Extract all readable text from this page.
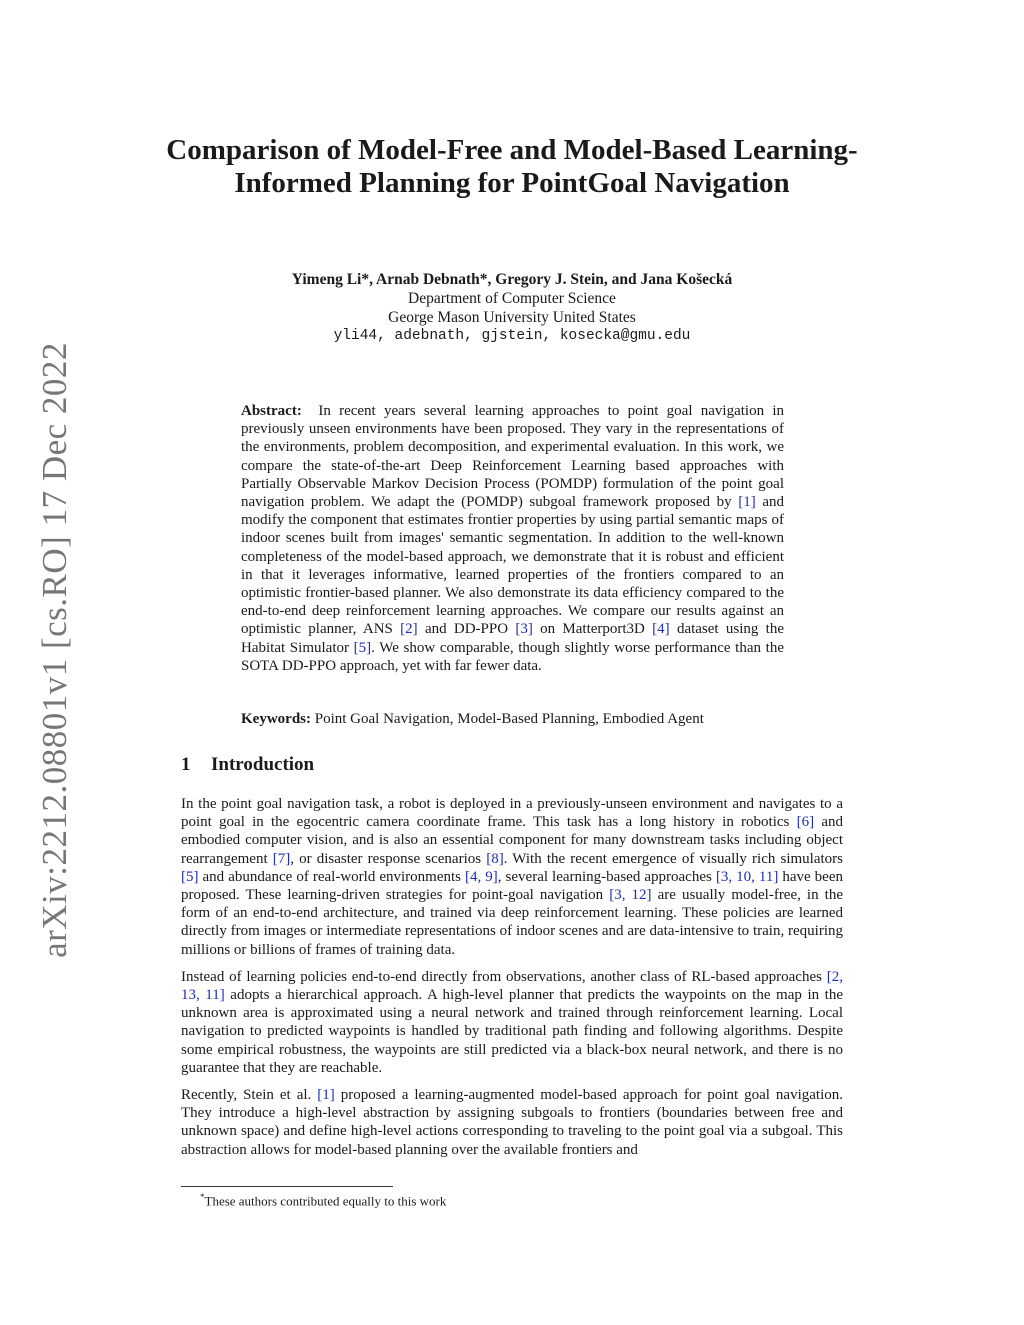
arXiv:2212.08801v1 [cs.RO] 17 Dec 2022
Comparison of Model-Free and Model-Based Learning-Informed Planning for PointGoal Navigation
Yimeng Li*, Arnab Debnath*, Gregory J. Stein, and Jana Košecká
Department of Computer Science
George Mason University United States
yli44, adebnath, gjstein, kosecka@gmu.edu
Abstract: In recent years several learning approaches to point goal navigation in previously unseen environments have been proposed. They vary in the representations of the environments, problem decomposition, and experimental evaluation. In this work, we compare the state-of-the-art Deep Reinforcement Learning based approaches with Partially Observable Markov Decision Process (POMDP) formulation of the point goal navigation problem. We adapt the (POMDP) subgoal framework proposed by [1] and modify the component that estimates frontier properties by using partial semantic maps of indoor scenes built from images' semantic segmentation. In addition to the well-known completeness of the model-based approach, we demonstrate that it is robust and efficient in that it leverages informative, learned properties of the frontiers compared to an optimistic frontier-based planner. We also demonstrate its data efficiency compared to the end-to-end deep reinforcement learning approaches. We compare our results against an optimistic planner, ANS [2] and DD-PPO [3] on Matterport3D [4] dataset using the Habitat Simulator [5]. We show comparable, though slightly worse performance than the SOTA DD-PPO approach, yet with far fewer data.
Keywords: Point Goal Navigation, Model-Based Planning, Embodied Agent
1 Introduction

In the point goal navigation task, a robot is deployed in a previously-unseen environment and navigates to a point goal in the egocentric camera coordinate frame. This task has a long history in robotics [6] and embodied computer vision, and is also an essential component for many downstream tasks including object rearrangement [7], or disaster response scenarios [8]. With the recent emergence of visually rich simulators [5] and abundance of real-world environments [4, 9], several learning-based approaches [3, 10, 11] have been proposed. These learning-driven strategies for point-goal navigation [3, 12] are usually model-free, in the form of an end-to-end architecture, and trained via deep reinforcement learning. These policies are learned directly from images or intermediate representations of indoor scenes and are data-intensive to train, requiring millions or billions of frames of training data.

Instead of learning policies end-to-end directly from observations, another class of RL-based approaches [2, 13, 11] adopts a hierarchical approach. A high-level planner that predicts the waypoints on the map in the unknown area is approximated using a neural network and trained through reinforcement learning. Local navigation to predicted waypoints is handled by traditional path finding and following algorithms. Despite some empirical robustness, the waypoints are still predicted via a black-box neural network, and there is no guarantee that they are reachable.

Recently, Stein et al. [1] proposed a learning-augmented model-based approach for point goal navigation. They introduce a high-level abstraction by assigning subgoals to frontiers (boundaries between free and unknown space) and define high-level actions corresponding to traveling to the point goal via a subgoal. This abstraction allows for model-based planning over the available frontiers and

*These authors contributed equally to this work
